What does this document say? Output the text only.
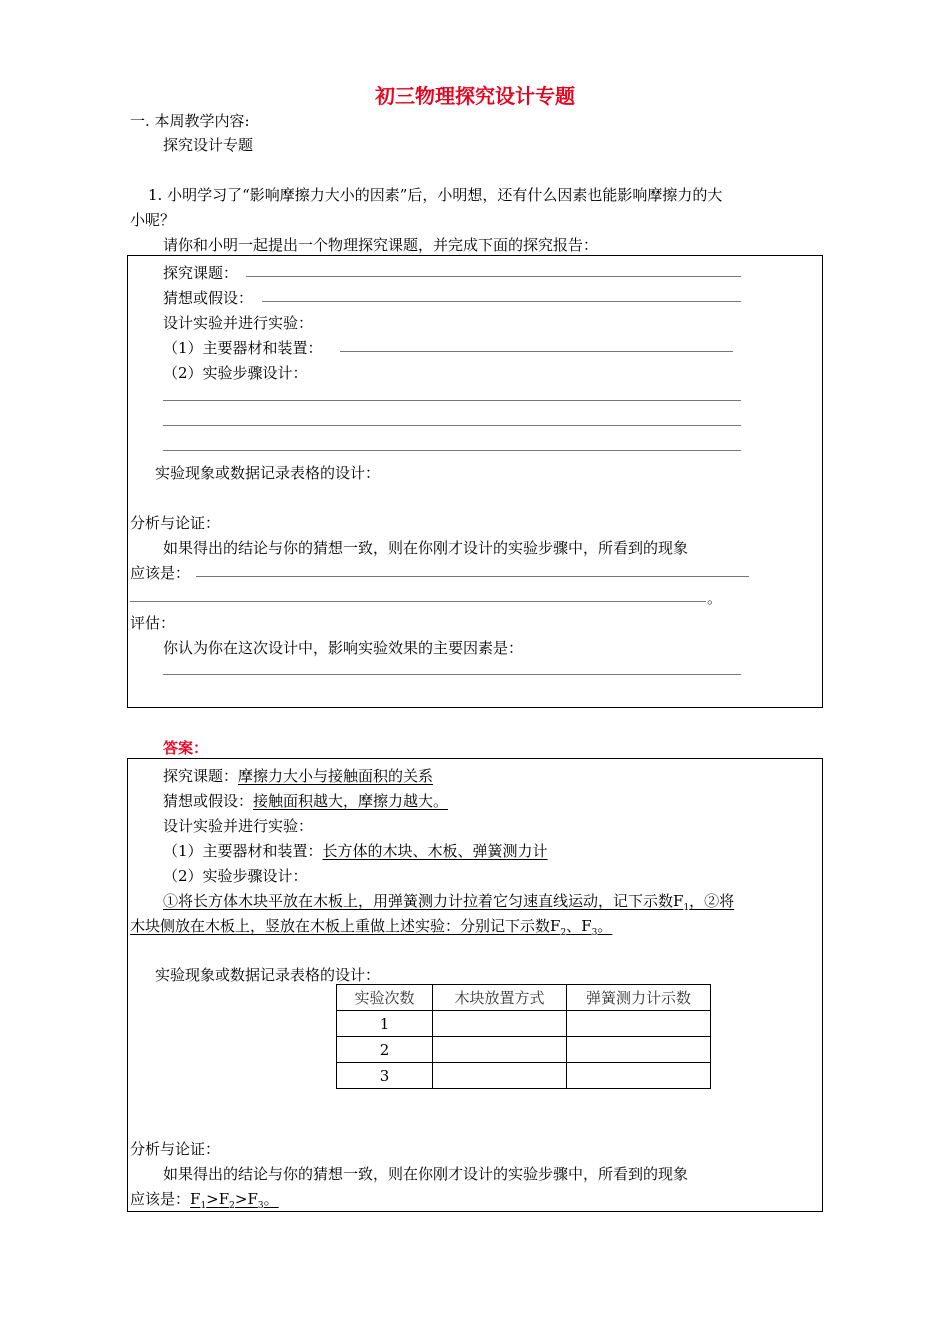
初三物理探究设计专题
一. 本周教学内容:
探究设计专题
1. 小明学习了“影响摩擦力大小的因素”后，小明想，还有什么因素也能影响摩擦力的大
小呢？
请你和小明一起提出一个物理探究课题，并完成下面的探究报告：
探究课题：
猜想或假设：
设计实验并进行实验：
（1）主要器材和装置：
（2）实验步骤设计：
实验现象或数据记录表格的设计：
分析与论证：
如果得出的结论与你的猜想一致，则在你刚才设计的实验步骤中，所看到的现象
应该是：
。
评估：
你认为你在这次设计中，影响实验效果的主要因素是：
答案：
探究课题：摩擦力大小与接触面积的关系
猜想或假设：接触面积越大，摩擦力越大。
设计实验并进行实验：
（1）主要器材和装置：长方体的木块、木板、弹簧测力计
（2）实验步骤设计：
①将长方体木块平放在木板上，用弹簧测力计拉着它匀速直线运动，记下示数$F_1$，②将
木块侧放在木板上，竖放在木板上重做上述实验：分别记下示数$F_2$、$F_3$。
实验现象或数据记录表格的设计：
实验次数	木块放置方式	弹簧测力计示数
1		
2		
3		
分析与论证：
如果得出的结论与你的猜想一致，则在你刚才设计的实验步骤中，所看到的现象
应该是：$F_1>F_2>F_3$。
